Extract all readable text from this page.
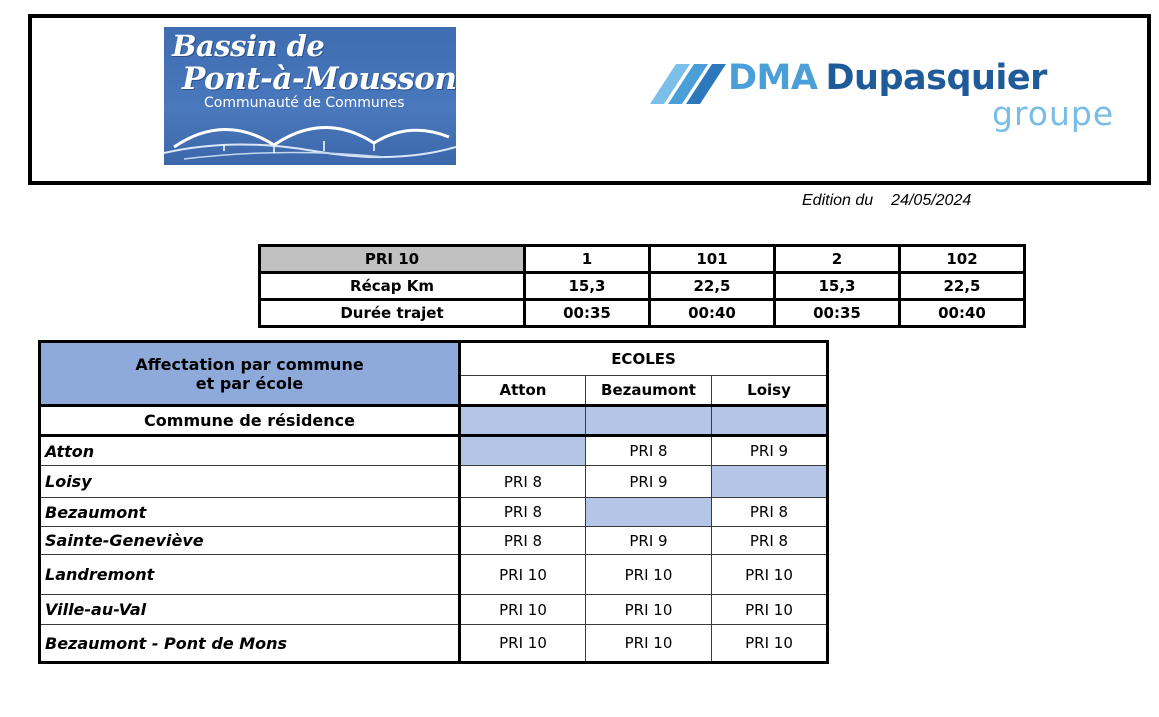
Bassin de
Pont-à-Mousson
Communauté de Communes
DMA Dupasquier
groupe
Edition du 24/05/2024
PRI 10	1	101	2	102
Récap Km	15,3	22,5	15,3	22,5
Durée trajet	00:35	00:40	00:35	00:40
Affectation par commune
et par école	ECOLES		
	Atton	Bezaumont	Loisy
Commune de résidence			
Atton		PRI 8	PRI 9
Loisy	PRI 8	PRI 9	
Bezaumont	PRI 8		PRI 8
Sainte-Geneviève	PRI 8	PRI 9	PRI 8
Landremont	PRI 10	PRI 10	PRI 10
Ville-au-Val	PRI 10	PRI 10	PRI 10
Bezaumont - Pont de Mons	PRI 10	PRI 10	PRI 10
